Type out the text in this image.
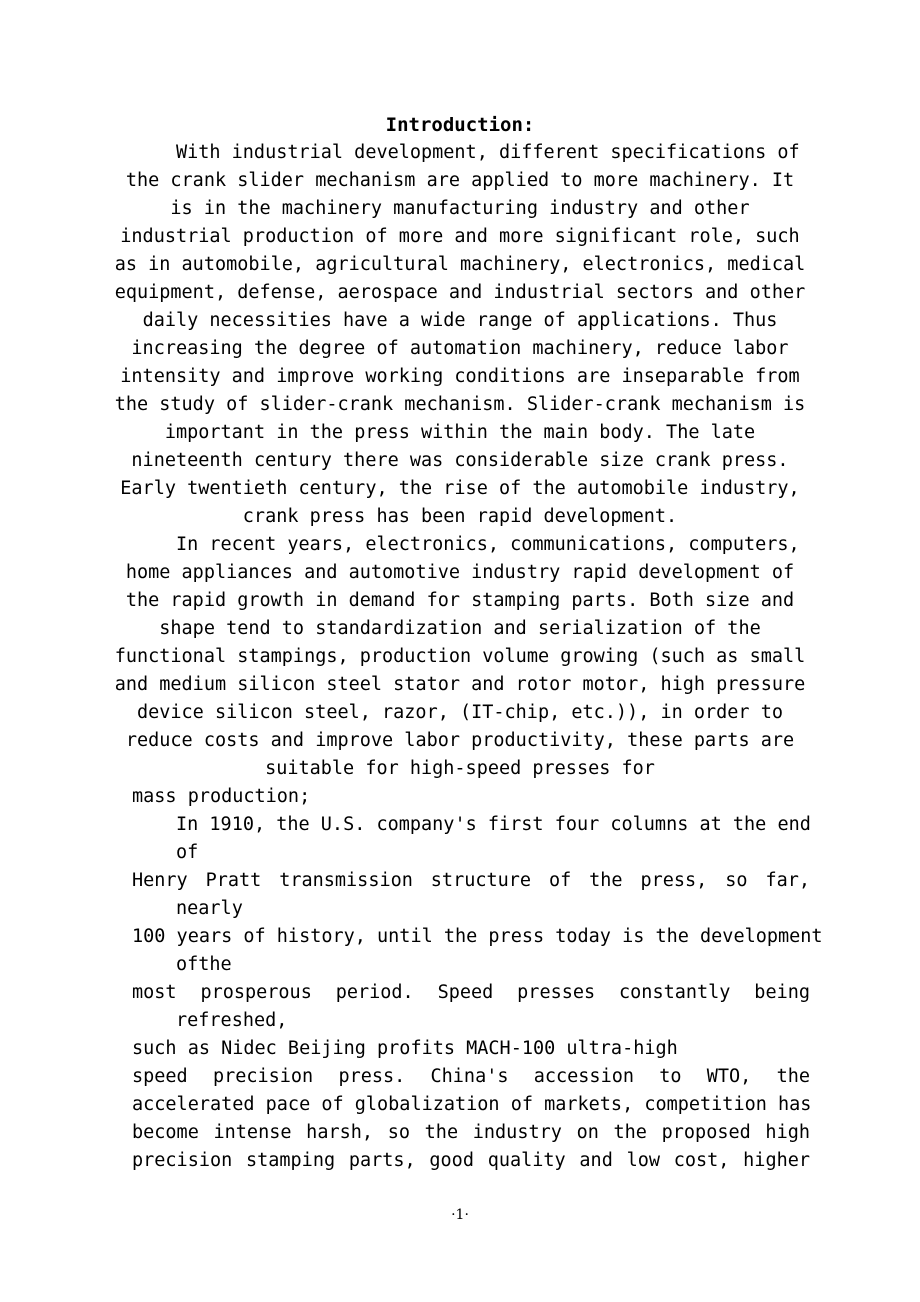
Introduction:
With industrial development, different specifications of
the crank slider mechanism are applied to more machinery. It
is in the machinery manufacturing industry and other
industrial production of more and more significant role, such
as in automobile, agricultural machinery, electronics, medical
equipment, defense, aerospace and industrial sectors and other
daily necessities have a wide range of applications. Thus
increasing the degree of automation machinery, reduce labor
intensity and improve working conditions are inseparable from
the study of slider-crank mechanism. Slider-crank mechanism is
important in the press within the main body. The late
nineteenth century there was considerable size crank press.
Early twentieth century, the rise of the automobile industry,
crank press has been rapid development.
In recent years, electronics, communications, computers,
home appliances and automotive industry rapid development of
the rapid growth in demand for stamping parts. Both size and
shape tend to standardization and serialization of the
functional stampings, production volume growing (such as small
and medium silicon steel stator and rotor motor, high pressure
device silicon steel, razor, (IT-chip, etc.)), in order to
reduce costs and improve labor productivity, these parts are
suitable for high-speed presses for
mass production;
In 1910, the U.S. company's first four columns at the end
of
Henry Pratt transmission structure of the press, so far,
nearly
100 years of history, until the press today is the development
ofthe
most prosperous period. Speed presses constantly being
refreshed,
such as Nidec Beijing profits MACH-100 ultra-high
speed precision press. China's accession to WTO, the
accelerated pace of globalization of markets, competition has
become intense harsh, so the industry on the proposed high
precision stamping parts, good quality and low cost, higher
·1·
